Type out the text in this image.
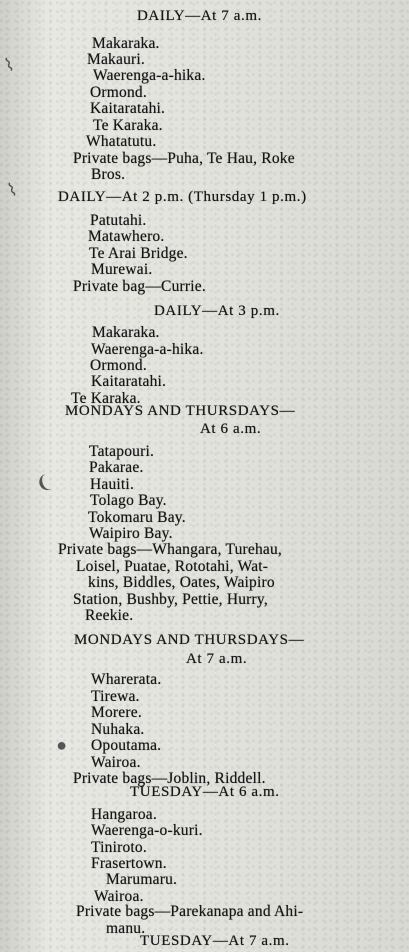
DAILY—At 7 a.m.
Makaraka.
Makauri.
Waerenga-a-hika.
Ormond.
Kaitaratahi.
Te Karaka.
Whatatutu.
Private bags—Puha, Te Hau, Roke
Bros.
DAILY—At 2 p.m. (Thursday 1 p.m.)
Patutahi.
Matawhero.
Te Arai Bridge.
Murewai.
Private bag—Currie.
DAILY—At 3 p.m.
Makaraka.
Waerenga-a-hika.
Ormond.
Kaitaratahi.
Te Karaka.
MONDAYS AND THURSDAYS—
At 6 a.m.
Tatapouri.
Pakarae.
Hauiti.
Tolago Bay.
Tokomaru Bay.
Waipiro Bay.
Private bags—Whangara, Turehau,
Loisel, Puatae, Rototahi, Wat-
kins, Biddles, Oates, Waipiro
Station, Bushby, Pettie, Hurry,
Reekie.
MONDAYS AND THURSDAYS—
At 7 a.m.
Wharerata.
Tirewa.
Morere.
Nuhaka.
Opoutama.
Wairoa.
Private bags—Joblin, Riddell.
TUESDAY—At 6 a.m.
Hangaroa.
Waerenga-o-kuri.
Tiniroto.
Frasertown.
Marumaru.
Wairoa.
Private bags—Parekanapa and Ahi-
manu.
TUESDAY—At 7 a.m.
⌇
⌇
❨
●
